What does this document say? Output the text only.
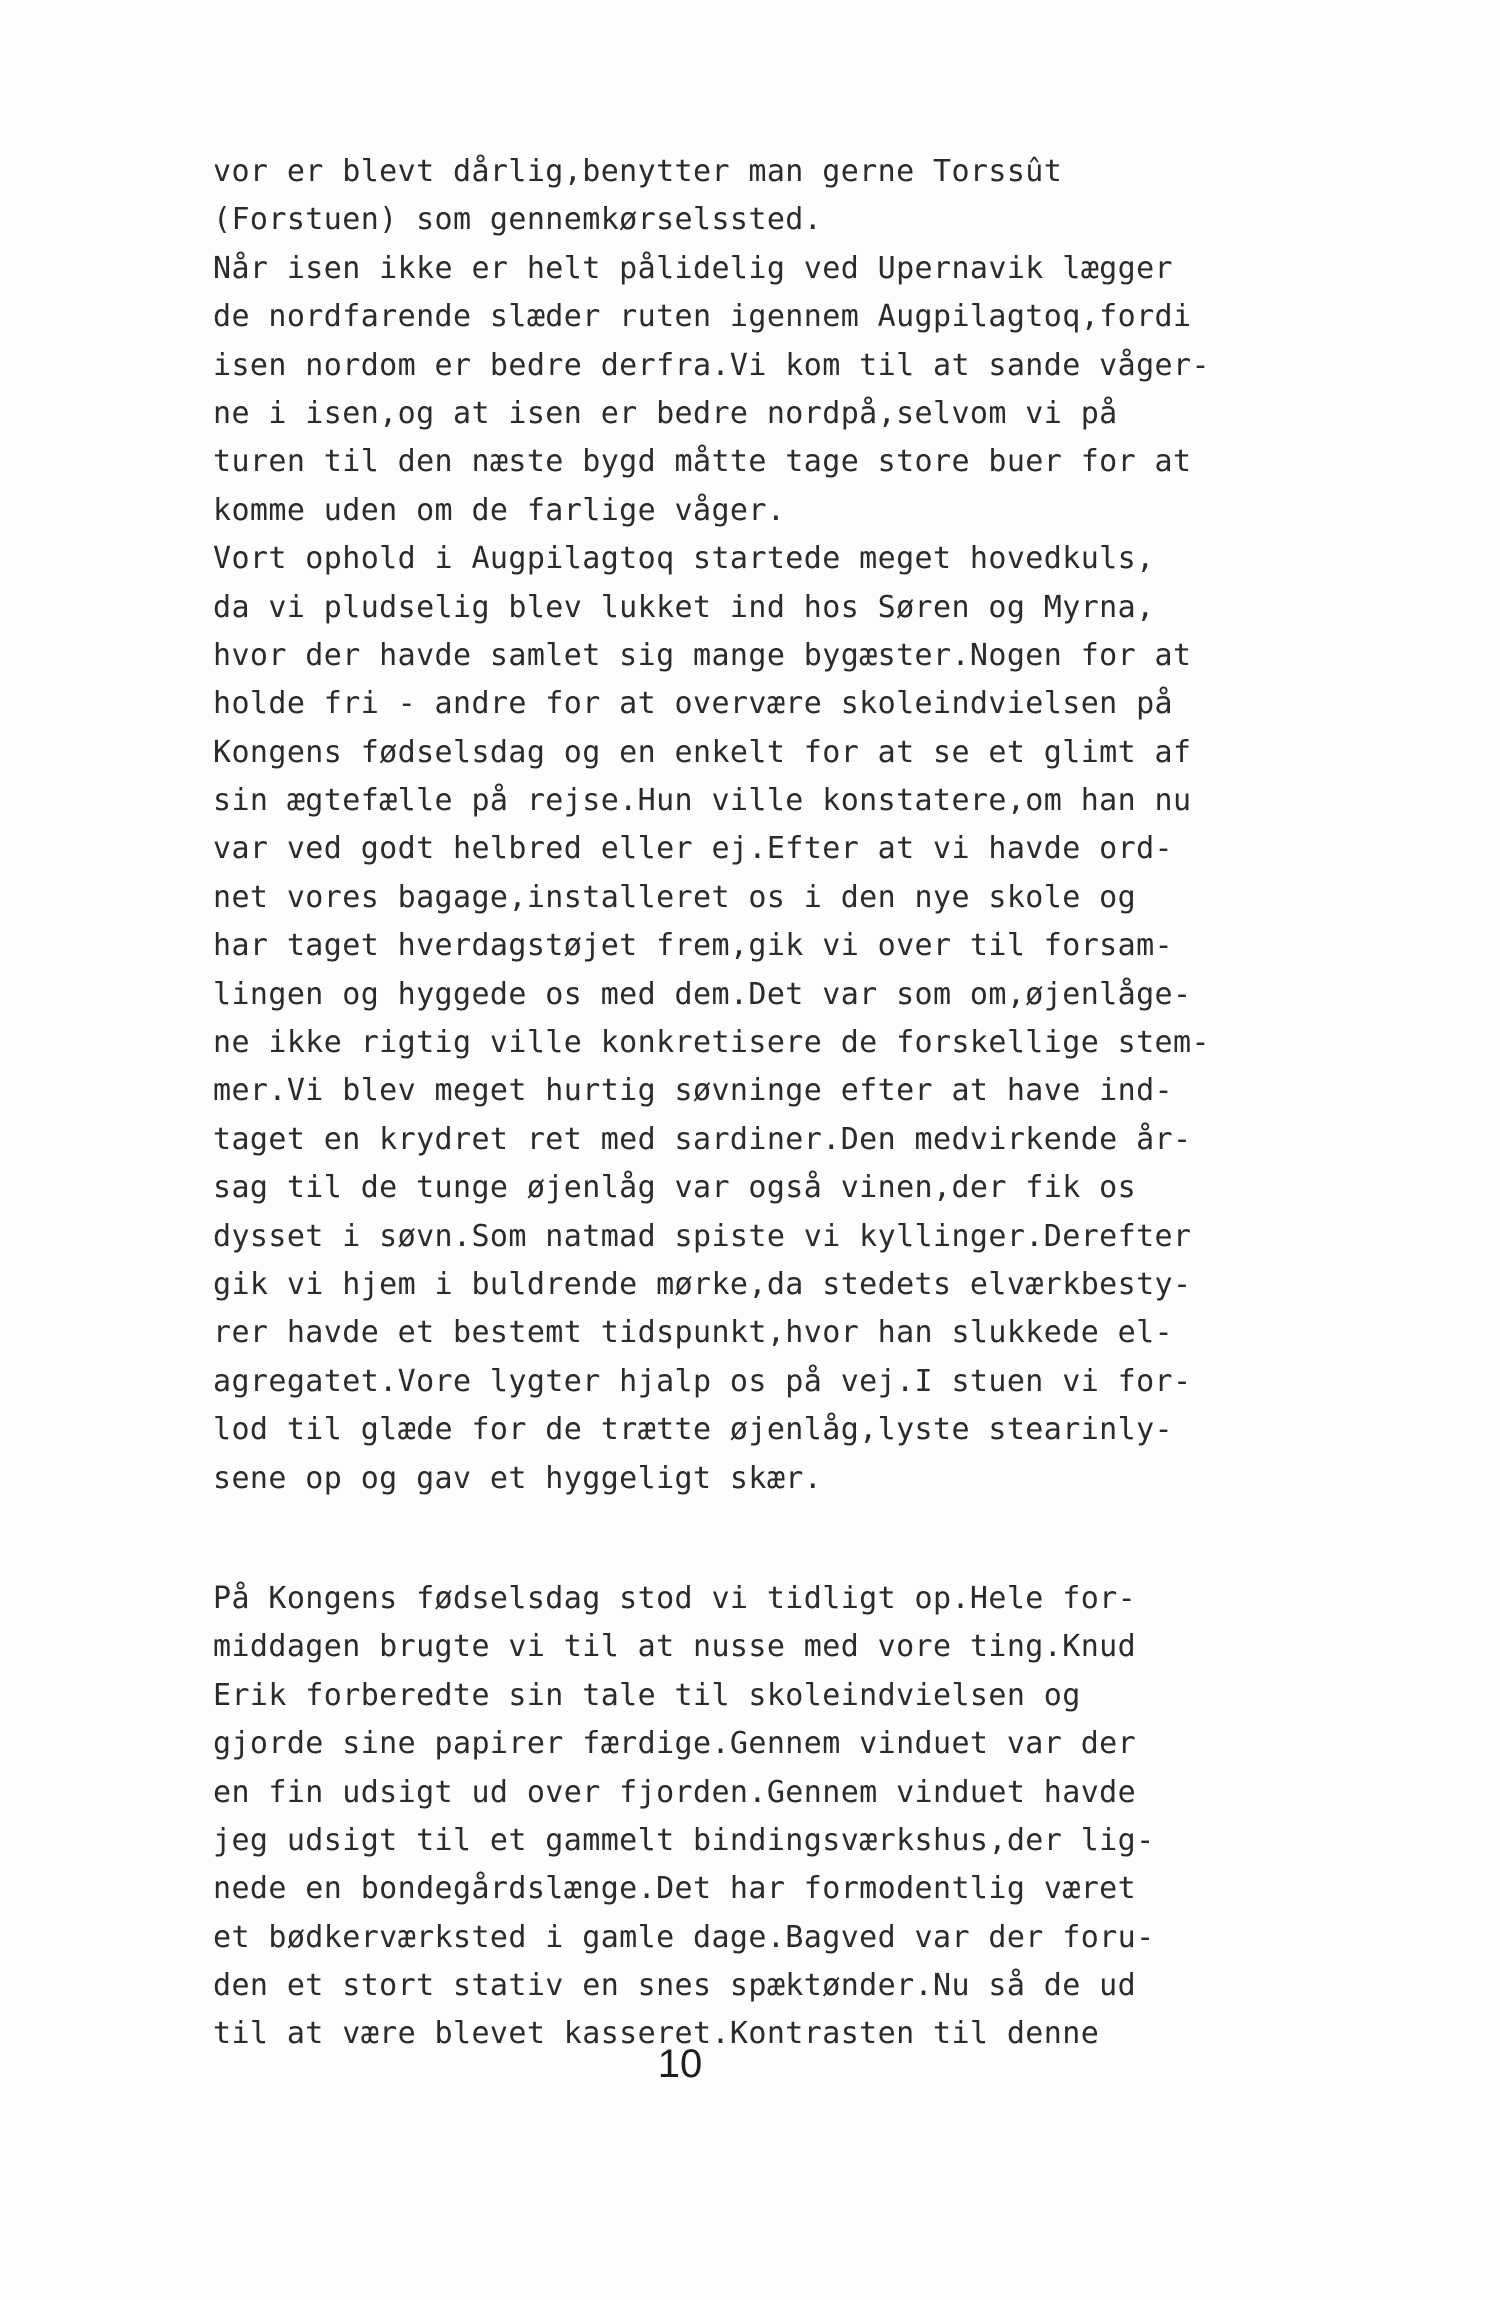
vor er blevt dårlig,benytter man gerne Torssût
(Forstuen) som gennemkørselssted.
Når isen ikke er helt pålidelig ved Upernavik lægger
de nordfarende slæder ruten igennem Augpilagtoq,fordi
isen nordom er bedre derfra.Vi kom til at sande våger-
ne i isen,og at isen er bedre nordpå,selvom vi på
turen til den næste bygd måtte tage store buer for at
komme uden om de farlige våger.
Vort ophold i Augpilagtoq startede meget hovedkuls,
da vi pludselig blev lukket ind hos Søren og Myrna,
hvor der havde samlet sig mange bygæster.Nogen for at
holde fri - andre for at overvære skoleindvielsen på
Kongens fødselsdag og en enkelt for at se et glimt af
sin ægtefælle på rejse.Hun ville konstatere,om han nu
var ved godt helbred eller ej.Efter at vi havde ord-
net vores bagage,installeret os i den nye skole og
har taget hverdagstøjet frem,gik vi over til forsam-
lingen og hyggede os med dem.Det var som om,øjenlåge-
ne ikke rigtig ville konkretisere de forskellige stem-
mer.Vi blev meget hurtig søvninge efter at have ind-
taget en krydret ret med sardiner.Den medvirkende år-
sag til de tunge øjenlåg var også vinen,der fik os
dysset i søvn.Som natmad spiste vi kyllinger.Derefter
gik vi hjem i buldrende mørke,da stedets elværkbesty-
rer havde et bestemt tidspunkt,hvor han slukkede el-
agregatet.Vore lygter hjalp os på vej.I stuen vi for-
lod til glæde for de trætte øjenlåg,lyste stearinly-
sene op og gav et hyggeligt skær.
På Kongens fødselsdag stod vi tidligt op.Hele for-
middagen brugte vi til at nusse med vore ting.Knud
Erik forberedte sin tale til skoleindvielsen og
gjorde sine papirer færdige.Gennem vinduet var der
en fin udsigt ud over fjorden.Gennem vinduet havde
jeg udsigt til et gammelt bindingsværkshus,der lig-
nede en bondegårdslænge.Det har formodentlig været
et bødkerværksted i gamle dage.Bagved var der foru-
den et stort stativ en snes spæktønder.Nu så de ud
til at være blevet kasseret.Kontrasten til denne
10
